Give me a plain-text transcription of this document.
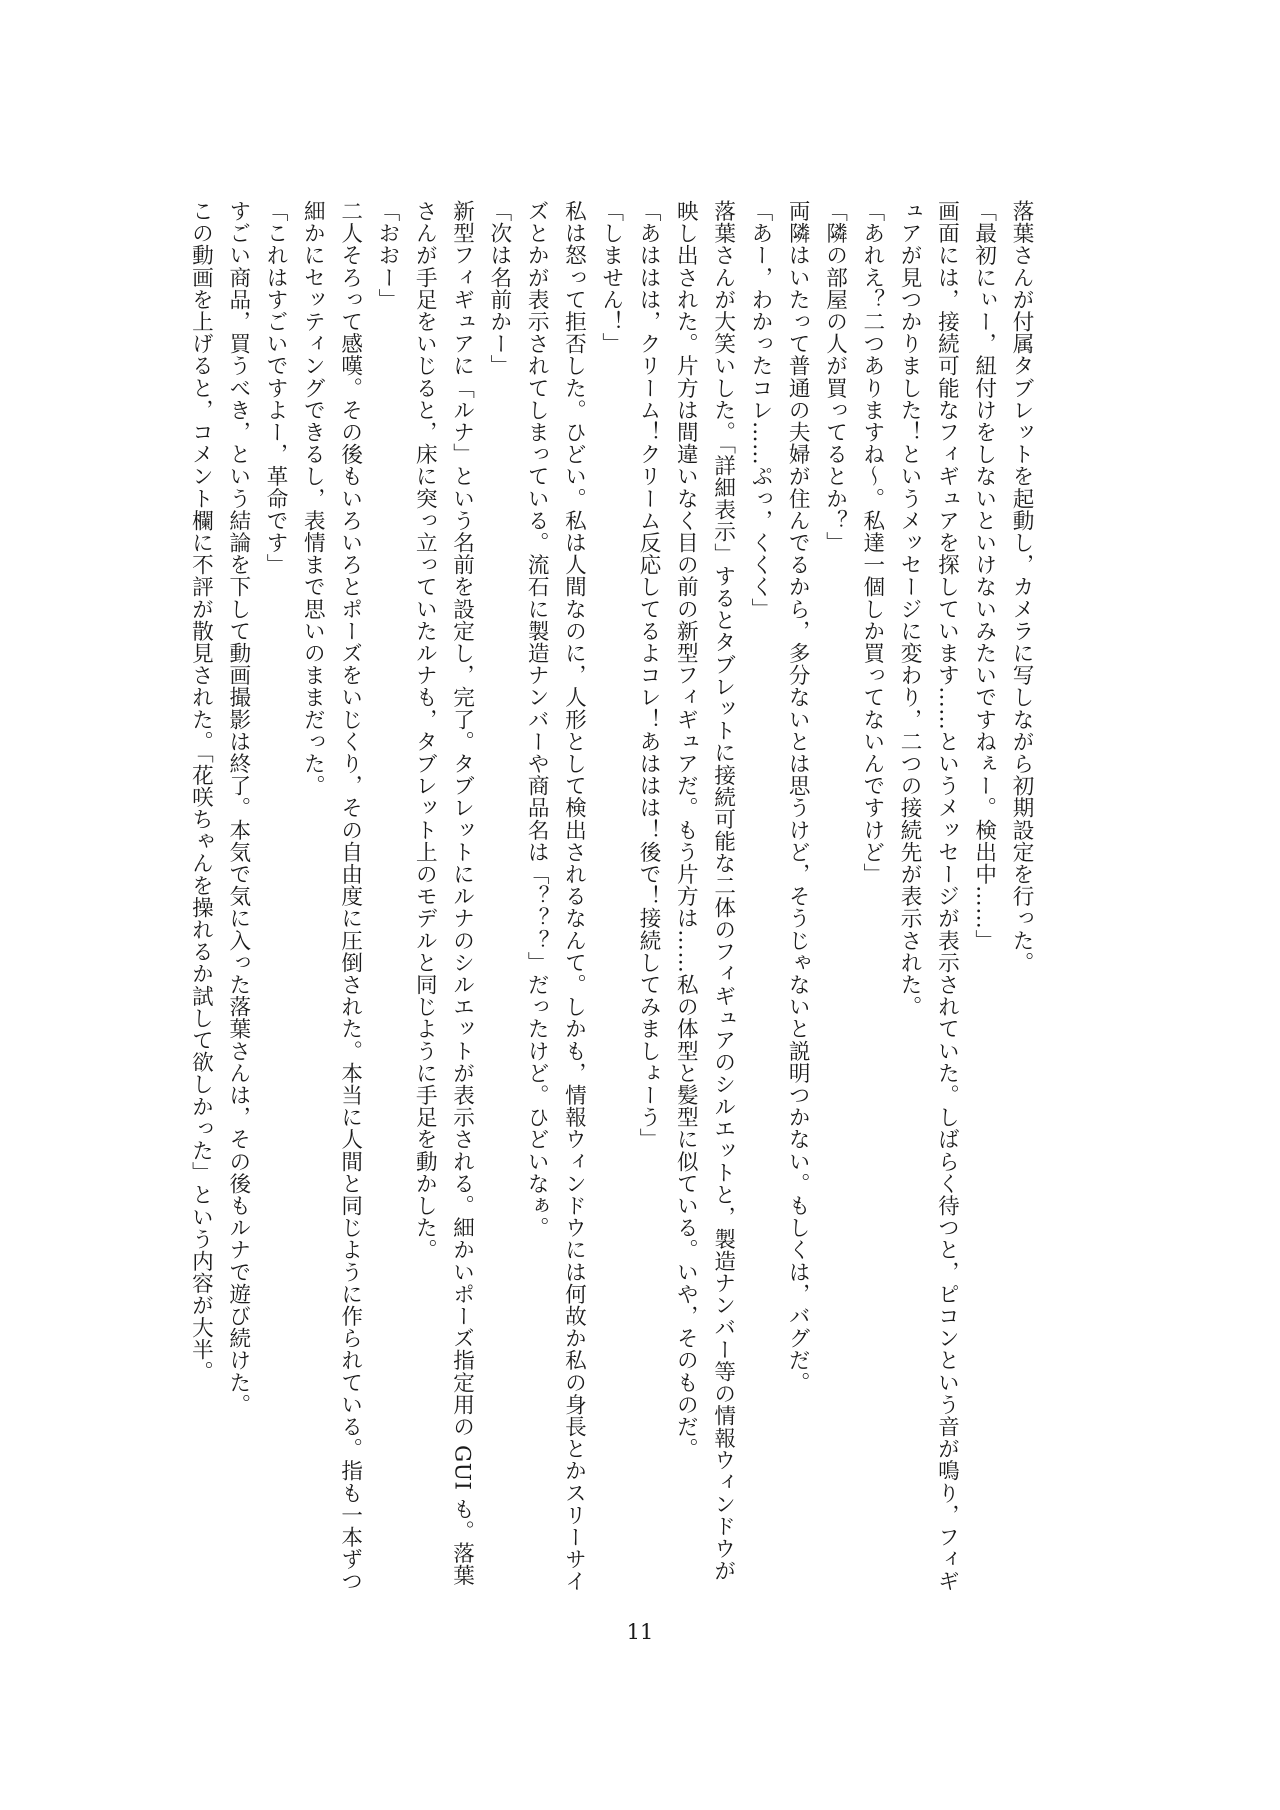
落葉さんが付属タブレットを起動し，カメラに写しながら初期設定を行った。
「最初にぃー，紐付けをしないといけないみたいですねぇー。検出中……」
画面には，接続可能なフィギュアを探しています……というメッセージが表示されていた。しばらく待つと，ピコンという音が鳴り，フィギ
ュアが見つかりました！というメッセージに変わり，二つの接続先が表示された。
「あれえ？二つありますね～。私達一個しか買ってないんですけど」
「隣の部屋の人が買ってるとか？」
両隣はいたって普通の夫婦が住んでるから，多分ないとは思うけど，そうじゃないと説明つかない。もしくは，バグだ。
「あー，わかったコレ……ぷっ，くくく」
落葉さんが大笑いした。「詳細表示」するとタブレットに接続可能な二体のフィギュアのシルエットと，製造ナンバー等の情報ウィンドウが
映し出された。片方は間違いなく目の前の新型フィギュアだ。もう片方は……私の体型と髪型に似ている。いや，そのものだ。
「あははは，クリーム！クリーム反応してるよコレ！あははは！後で！接続してみましょーう」
「しません！」
私は怒って拒否した。ひどい。私は人間なのに，人形として検出されるなんて。しかも，情報ウィンドウには何故か私の身長とかスリーサイ
ズとかが表示されてしまっている。流石に製造ナンバーや商品名は「？？？」だったけど。ひどいなぁ。
「次は名前かー」
新型フィギュアに「ルナ」という名前を設定し，完了。タブレットにルナのシルエットが表示される。細かいポーズ指定用の GUI も。落葉
さんが手足をいじると，床に突っ立っていたルナも，タブレット上のモデルと同じように手足を動かした。
「おおー」
二人そろって感嘆。その後もいろいろとポーズをいじくり，その自由度に圧倒された。本当に人間と同じように作られている。指も一本ずつ
細かにセッティングできるし，表情まで思いのままだった。
「これはすごいですよー，革命です」
すごい商品，買うべき，という結論を下して動画撮影は終了。本気で気に入った落葉さんは，その後もルナで遊び続けた。
この動画を上げると，コメント欄に不評が散見された。「花咲ちゃんを操れるか試して欲しかった」という内容が大半。
11
